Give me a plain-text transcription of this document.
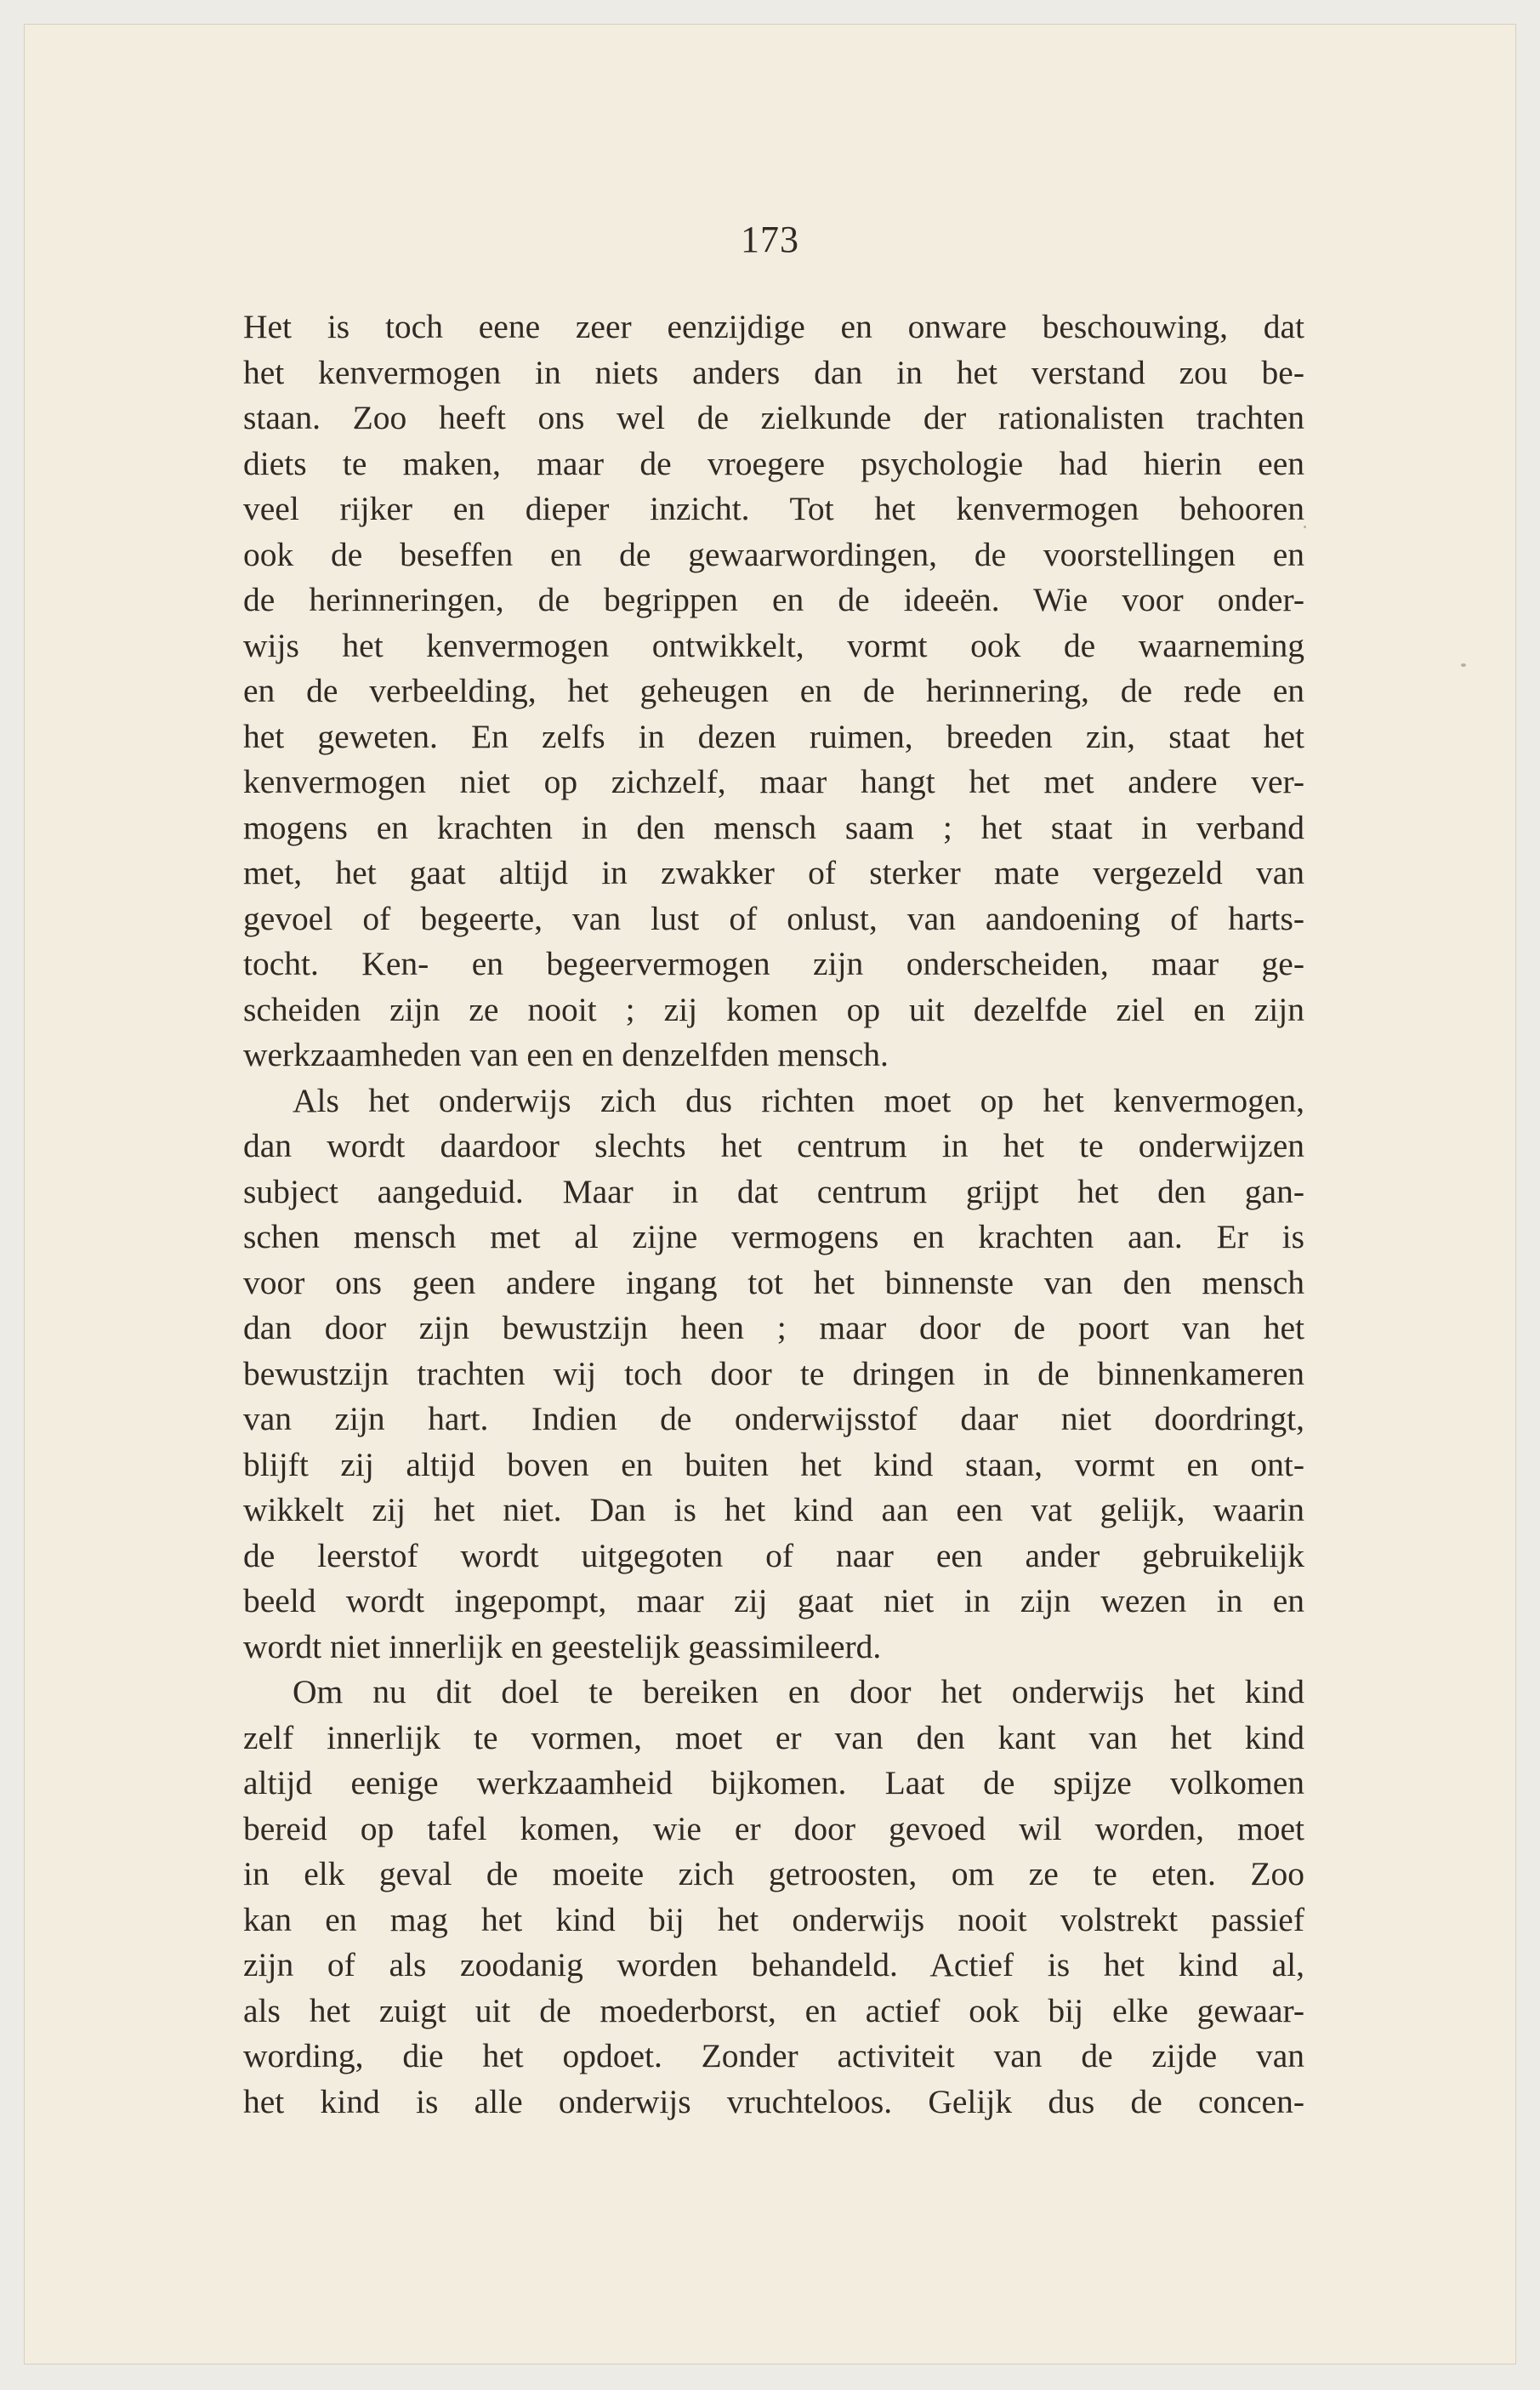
173
Het is toch eene zeer eenzijdige en onware beschouwing, dat
het kenvermogen in niets anders dan in het verstand zou be-
staan. Zoo heeft ons wel de zielkunde der rationalisten trachten
diets te maken, maar de vroegere psychologie had hierin een
veel rijker en dieper inzicht. Tot het kenvermogen behooren
ook de beseffen en de gewaarwordingen, de voorstellingen en
de herinneringen, de begrippen en de ideeën. Wie voor onder-
wijs het kenvermogen ontwikkelt, vormt ook de waarneming
en de verbeelding, het geheugen en de herinnering, de rede en
het geweten. En zelfs in dezen ruimen, breeden zin, staat het
kenvermogen niet op zichzelf, maar hangt het met andere ver-
mogens en krachten in den mensch saam ; het staat in verband
met, het gaat altijd in zwakker of sterker mate vergezeld van
gevoel of begeerte, van lust of onlust, van aandoening of harts-
tocht. Ken- en begeervermogen zijn onderscheiden, maar ge-
scheiden zijn ze nooit ; zij komen op uit dezelfde ziel en zijn
werkzaamheden van een en denzelfden mensch.
Als het onderwijs zich dus richten moet op het kenvermogen,
dan wordt daardoor slechts het centrum in het te onderwijzen
subject aangeduid. Maar in dat centrum grijpt het den gan-
schen mensch met al zijne vermogens en krachten aan. Er is
voor ons geen andere ingang tot het binnenste van den mensch
dan door zijn bewustzijn heen ; maar door de poort van het
bewustzijn trachten wij toch door te dringen in de binnenkameren
van zijn hart. Indien de onderwijsstof daar niet doordringt,
blijft zij altijd boven en buiten het kind staan, vormt en ont-
wikkelt zij het niet. Dan is het kind aan een vat gelijk, waarin
de leerstof wordt uitgegoten of naar een ander gebruikelijk
beeld wordt ingepompt, maar zij gaat niet in zijn wezen in en
wordt niet innerlijk en geestelijk geassimileerd.
Om nu dit doel te bereiken en door het onderwijs het kind
zelf innerlijk te vormen, moet er van den kant van het kind
altijd eenige werkzaamheid bijkomen. Laat de spijze volkomen
bereid op tafel komen, wie er door gevoed wil worden, moet
in elk geval de moeite zich getroosten, om ze te eten. Zoo
kan en mag het kind bij het onderwijs nooit volstrekt passief
zijn of als zoodanig worden behandeld. Actief is het kind al,
als het zuigt uit de moederborst, en actief ook bij elke gewaar-
wording, die het opdoet. Zonder activiteit van de zijde van
het kind is alle onderwijs vruchteloos. Gelijk dus de concen-
